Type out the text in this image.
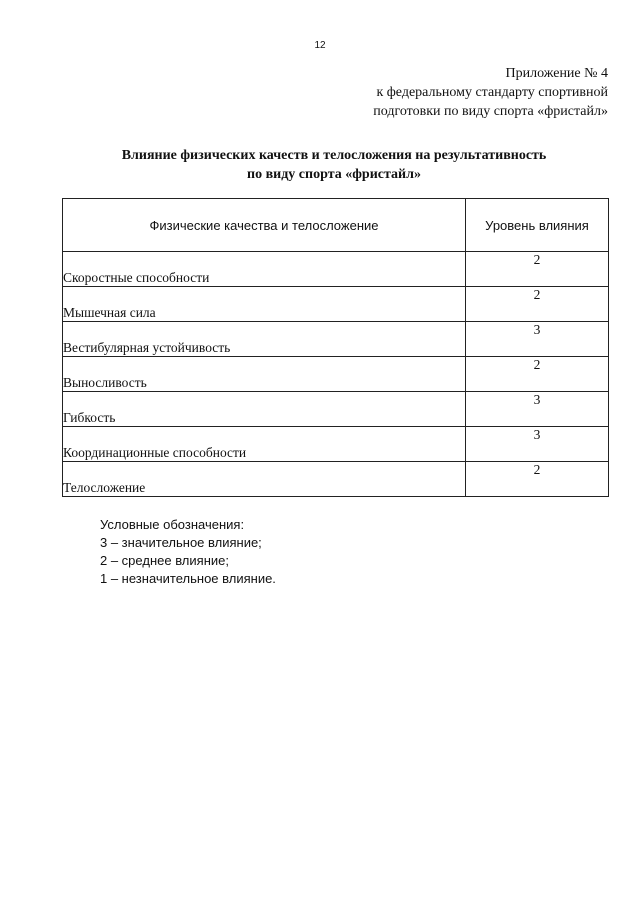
12
Приложение № 4
к федеральному стандарту спортивной
подготовки по виду спорта «фристайл»
Влияние физических качеств и телосложения на результативность
по виду спорта «фристайл»
Физические качества и телосложение	Уровень влияния
Скоростные способности	2
Мышечная сила	2
Вестибулярная устойчивость	3
Выносливость	2
Гибкость	3
Координационные способности	3
Телосложение	2
Условные обозначения:
3 – значительное влияние;
2 – среднее влияние;
1 – незначительное влияние.
